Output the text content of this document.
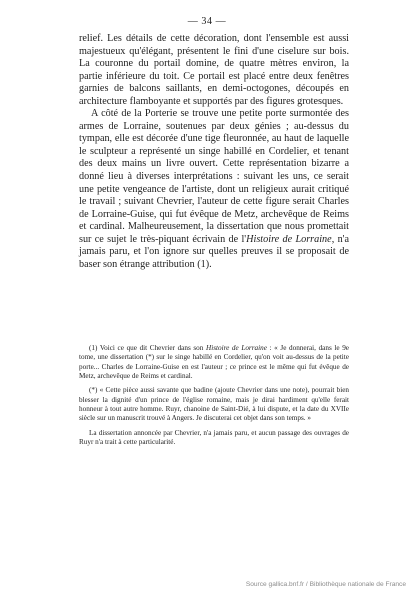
— 34 —

relief. Les détails de cette décoration, dont l'ensemble est aussi majestueux qu'élégant, présentent le fini d'une ciselure sur bois. La couronne du portail domine, de quatre mètres environ, la partie inférieure du toit. Ce portail est placé entre deux fenêtres garnies de balcons saillants, en demi-octogones, découpés en architecture flamboyante et supportés par des figures grotesques.

A côté de la Porterie se trouve une petite porte surmontée des armes de Lorraine, soutenues par deux génies ; au-dessus du tympan, elle est décorée d'une tige fleuronnée, au haut de laquelle le sculpteur a représenté un singe habillé en Cordelier, et tenant des deux mains un livre ouvert. Cette représentation bizarre a donné lieu à diverses interprétations : suivant les uns, ce serait une petite vengeance de l'artiste, dont un religieux aurait critiqué le travail ; suivant Chevrier, l'auteur de cette figure serait Charles de Lorraine-Guise, qui fut évêque de Metz, archevêque de Reims et cardinal. Malheureusement, la dissertation que nous promettait sur ce sujet le très-piquant écrivain de l'Histoire de Lorraine, n'a jamais paru, et l'on ignore sur quelles preuves il se proposait de baser son étrange attribution (1).

(1) Voici ce que dit Chevrier dans son Histoire de Lorraine : « Je donnerai, dans le 9e tome, une dissertation (*) sur le singe habillé en Cordelier, qu'on voit au-dessus de la petite porte... Charles de Lorraine-Guise en est l'auteur ; ce prince est le même qui fut évêque de Metz, archevêque de Reims et cardinal.

(*) « Cette pièce aussi savante que badine (ajoute Chevrier dans une note), pourrait bien blesser la dignité d'un prince de l'église romaine, mais je dirai hardiment qu'elle ferait honneur à tout autre homme. Ruyr, chanoine de Saint-Dié, à lui dispute, et la date du XVIIe siècle sur un manuscrit trouvé à Angers. Je discuterai cet objet dans son temps. »

La dissertation annoncée par Chevrier, n'a jamais paru, et aucun passage des ouvrages de Ruyr n'a trait à cette particularité.

Source gallica.bnf.fr / Bibliothèque nationale de France
